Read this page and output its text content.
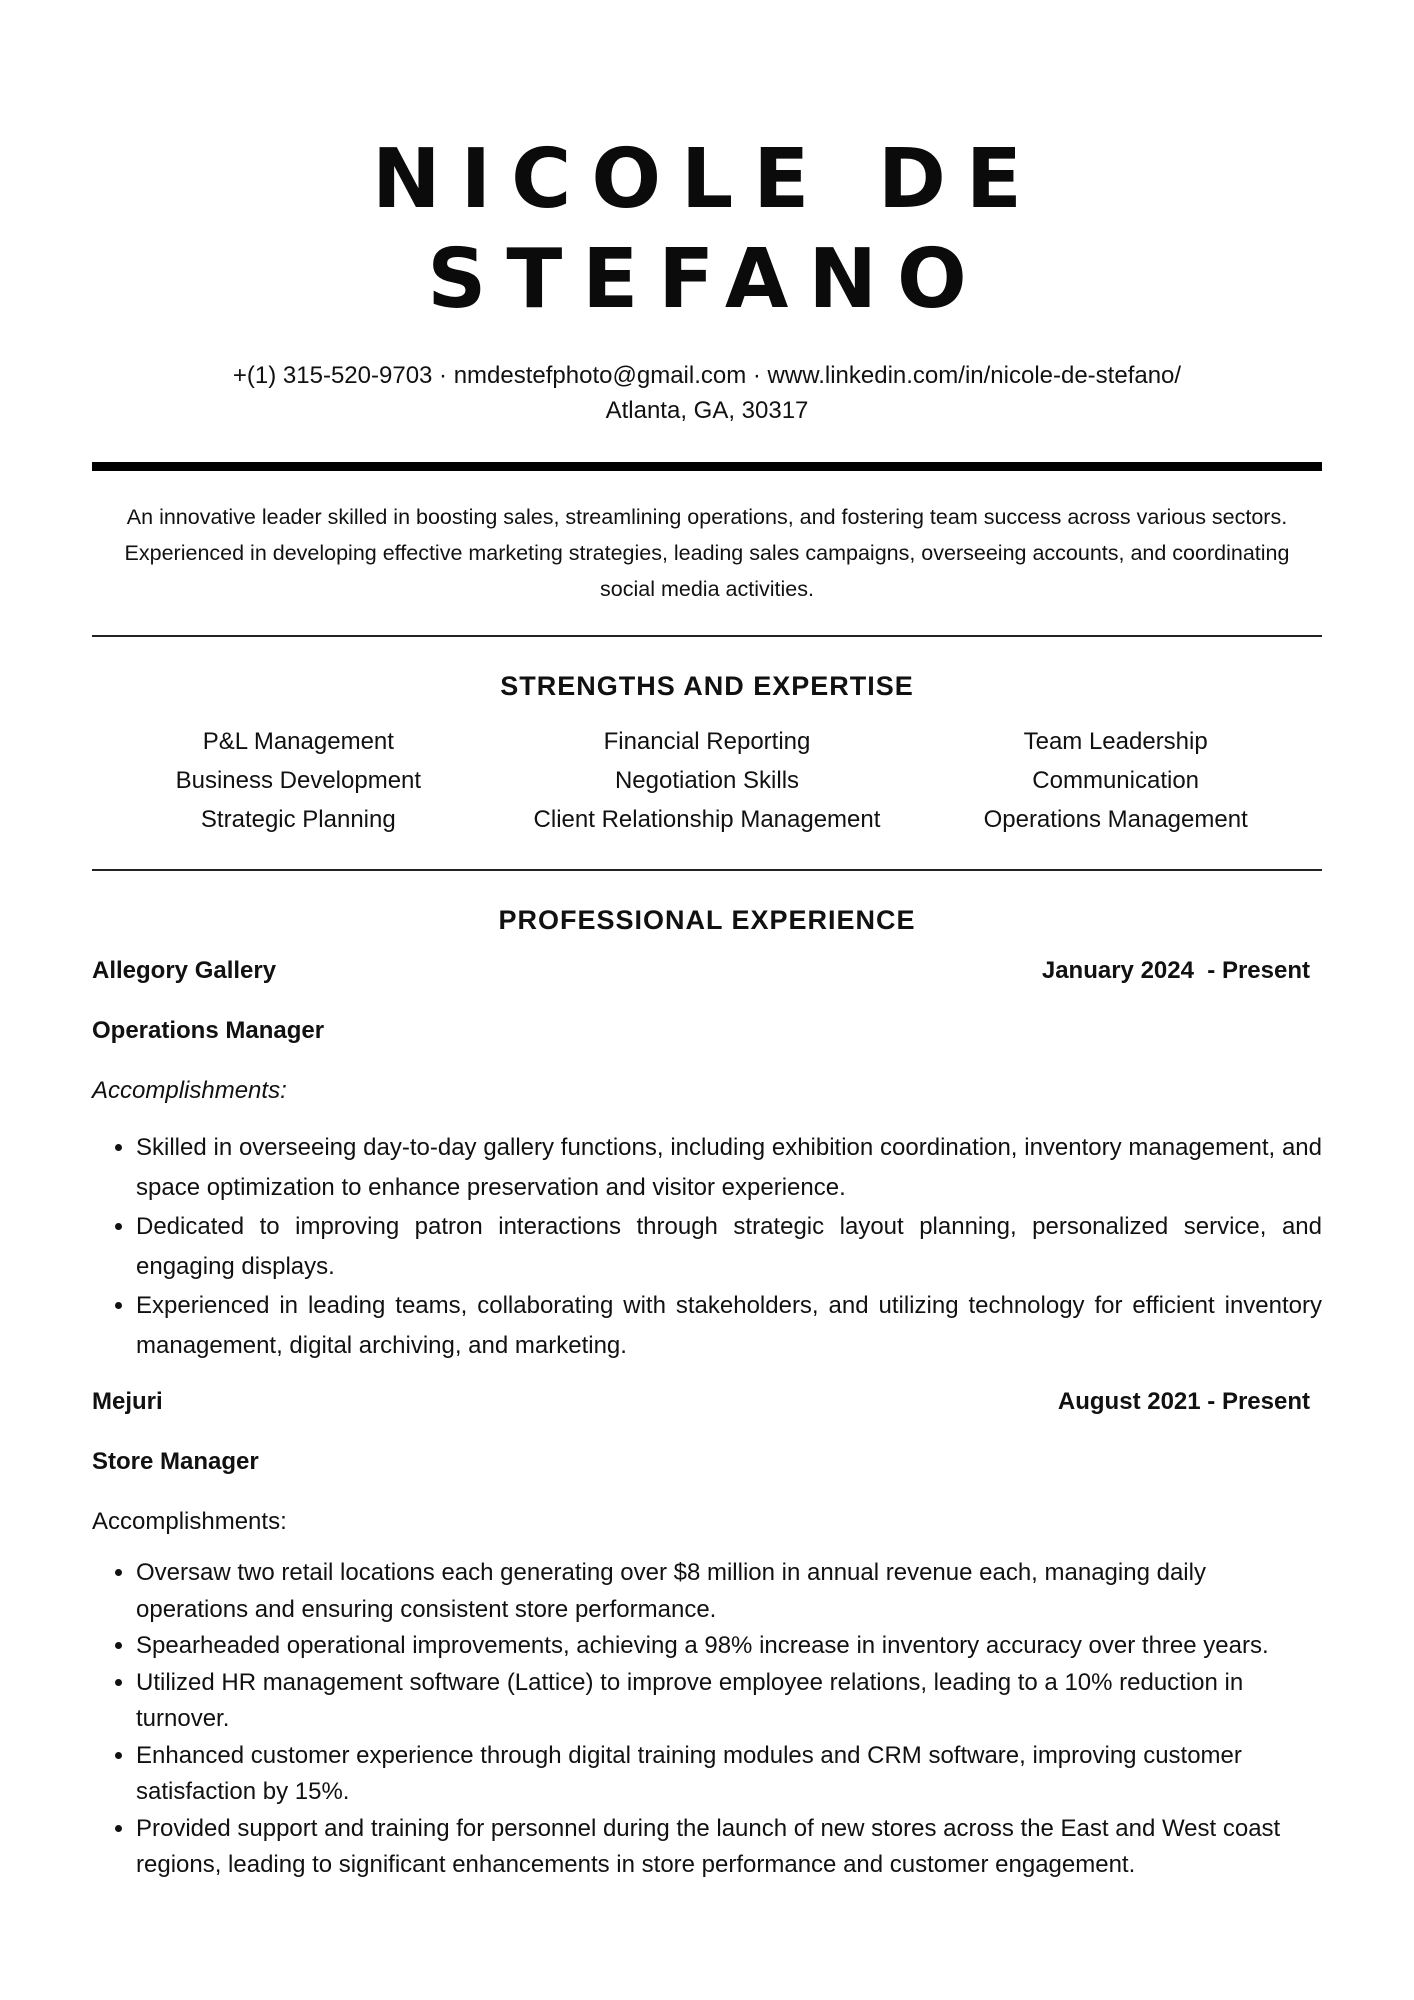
NICOLE DE STEFANO
+(1) 315-520-9703 · nmdestefphoto@gmail.com · www.linkedin.com/in/nicole-de-stefano/
Atlanta, GA, 30317
An innovative leader skilled in boosting sales, streamlining operations, and fostering team success across various sectors. Experienced in developing effective marketing strategies, leading sales campaigns, overseeing accounts, and coordinating social media activities.
STRENGTHS AND EXPERTISE
P&L Management	Financial Reporting	Team Leadership
Business Development	Negotiation Skills	Communication
Strategic Planning	Client Relationship Management	Operations Management
PROFESSIONAL EXPERIENCE
Allegory Gallery	January 2024  - Present
Operations Manager
Accomplishments:
• Skilled in overseeing day-to-day gallery functions, including exhibition coordination, inventory management, and space optimization to enhance preservation and visitor experience.
• Dedicated to improving patron interactions through strategic layout planning, personalized service, and engaging displays.
• Experienced in leading teams, collaborating with stakeholders, and utilizing technology for efficient inventory management, digital archiving, and marketing.
Mejuri	August 2021 - Present
Store Manager
Accomplishments:
• Oversaw two retail locations each generating over $8 million in annual revenue each, managing daily operations and ensuring consistent store performance.
• Spearheaded operational improvements, achieving a 98% increase in inventory accuracy over three years.
• Utilized HR management software (Lattice) to improve employee relations, leading to a 10% reduction in turnover.
• Enhanced customer experience through digital training modules and CRM software, improving customer satisfaction by 15%.
• Provided support and training for personnel during the launch of new stores across the East and West coast regions, leading to significant enhancements in store performance and customer engagement.
